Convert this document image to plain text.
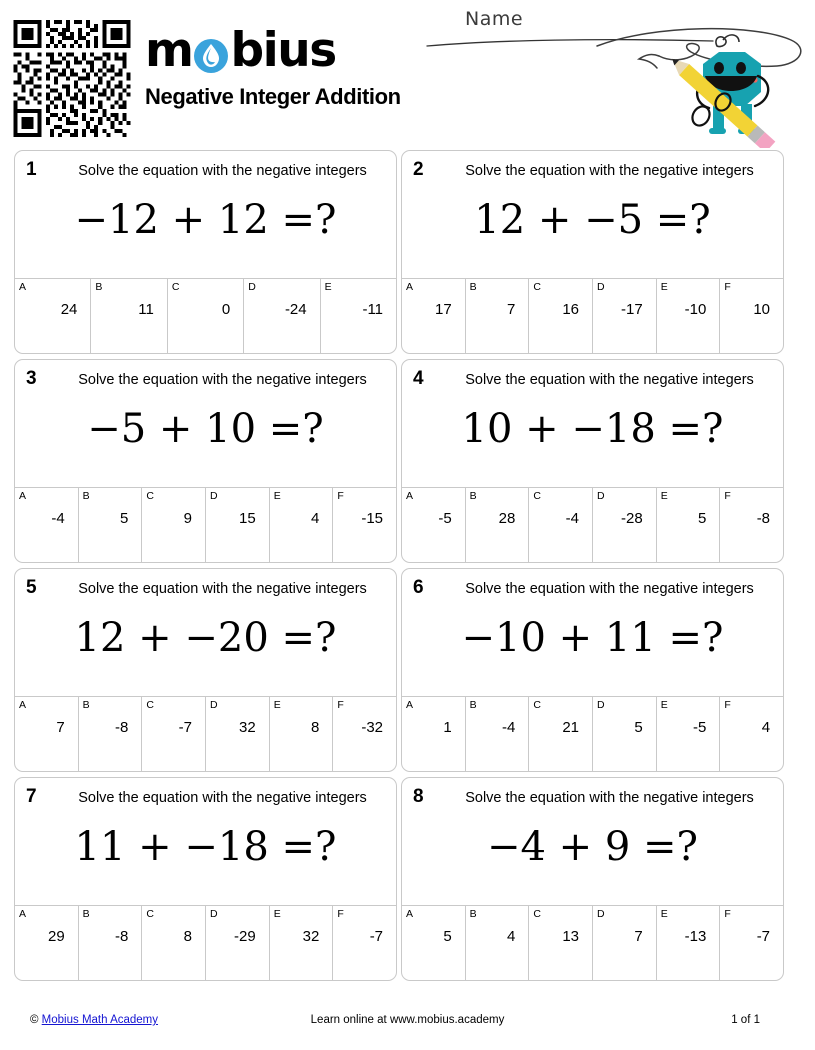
m bius
Negative Integer Addition
Name
1	Solve the equation with the negative integers
−12 + 12 =?
A
24
B
11
C
0
D
-24
E
-11
2	Solve the equation with the negative integers
12 + −5 =?
A
17
B
7
C
16
D
-17
E
-10
F
10
3	Solve the equation with the negative integers
−5 + 10 =?
A
-4
B
5
C
9
D
15
E
4
F
-15
4	Solve the equation with the negative integers
10 + −18 =?
A
-5
B
28
C
-4
D
-28
E
5
F
-8
5	Solve the equation with the negative integers
12 + −20 =?
A
7
B
-8
C
-7
D
32
E
8
F
-32
6	Solve the equation with the negative integers
−10 + 11 =?
A
1
B
-4
C
21
D
5
E
-5
F
4
7	Solve the equation with the negative integers
11 + −18 =?
A
29
B
-8
C
8
D
-29
E
32
F
-7
8	Solve the equation with the negative integers
−4 + 9 =?
A
5
B
4
C
13
D
7
E
-13
F
-7
© Mobius Math Academy	Learn online at www.mobius.academy	1 of 1
